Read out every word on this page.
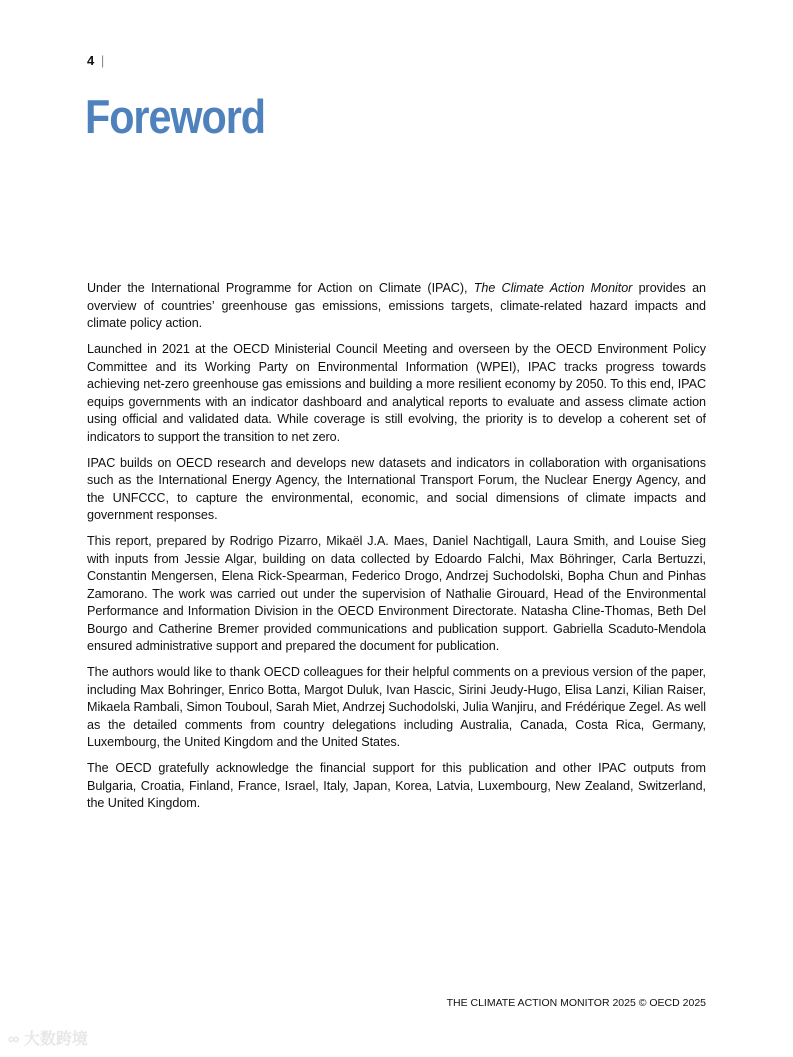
4 |
Foreword

Under the International Programme for Action on Climate (IPAC), The Climate Action Monitor provides an overview of countries’ greenhouse gas emissions, emissions targets, climate-related hazard impacts and climate policy action.

Launched in 2021 at the OECD Ministerial Council Meeting and overseen by the OECD Environment Policy Committee and its Working Party on Environmental Information (WPEI), IPAC tracks progress towards achieving net-zero greenhouse gas emissions and building a more resilient economy by 2050. To this end, IPAC equips governments with an indicator dashboard and analytical reports to evaluate and assess climate action using official and validated data. While coverage is still evolving, the priority is to develop a coherent set of indicators to support the transition to net zero.

IPAC builds on OECD research and develops new datasets and indicators in collaboration with organisations such as the International Energy Agency, the International Transport Forum, the Nuclear Energy Agency, and the UNFCCC, to capture the environmental, economic, and social dimensions of climate impacts and government responses.

This report, prepared by Rodrigo Pizarro, Mikaël J.A. Maes, Daniel Nachtigall, Laura Smith, and Louise Sieg with inputs from Jessie Algar, building on data collected by Edoardo Falchi, Max Böhringer, Carla Bertuzzi, Constantin Mengersen, Elena Rick-Spearman, Federico Drogo, Andrzej Suchodolski, Bopha Chun and Pinhas Zamorano. The work was carried out under the supervision of Nathalie Girouard, Head of the Environmental Performance and Information Division in the OECD Environment Directorate. Natasha Cline-Thomas, Beth Del Bourgo and Catherine Bremer provided communications and publication support. Gabriella Scaduto-Mendola ensured administrative support and prepared the document for publication.

The authors would like to thank OECD colleagues for their helpful comments on a previous version of the paper, including Max Bohringer, Enrico Botta, Margot Duluk, Ivan Hascic, Sirini Jeudy-Hugo, Elisa Lanzi, Kilian Raiser, Mikaela Rambali, Simon Touboul, Sarah Miet, Andrzej Suchodolski, Julia Wanjiru, and Frédérique Zegel. As well as the detailed comments from country delegations including Australia, Canada, Costa Rica, Germany, Luxembourg, the United Kingdom and the United States.

The OECD gratefully acknowledge the financial support for this publication and other IPAC outputs from Bulgaria, Croatia, Finland, France, Israel, Italy, Japan, Korea, Latvia, Luxembourg, New Zealand, Switzerland, the United Kingdom.

THE CLIMATE ACTION MONITOR 2025 © OECD 2025
∞ 大数跨境
